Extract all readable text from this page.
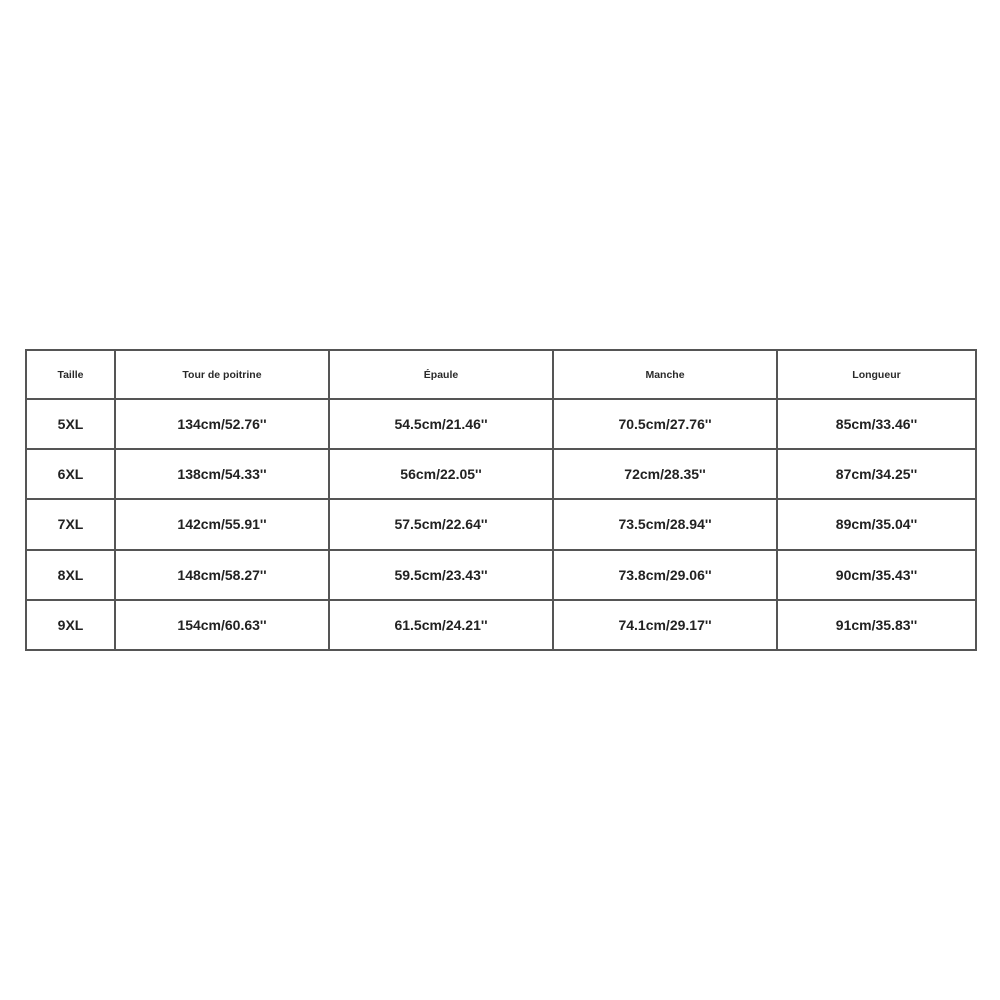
Taille	Tour de poitrine	Épaule	Manche	Longueur
5XL	134cm/52.76''	54.5cm/21.46''	70.5cm/27.76''	85cm/33.46''
6XL	138cm/54.33''	56cm/22.05''	72cm/28.35''	87cm/34.25''
7XL	142cm/55.91''	57.5cm/22.64''	73.5cm/28.94''	89cm/35.04''
8XL	148cm/58.27''	59.5cm/23.43''	73.8cm/29.06''	90cm/35.43''
9XL	154cm/60.63''	61.5cm/24.21''	74.1cm/29.17''	91cm/35.83''
